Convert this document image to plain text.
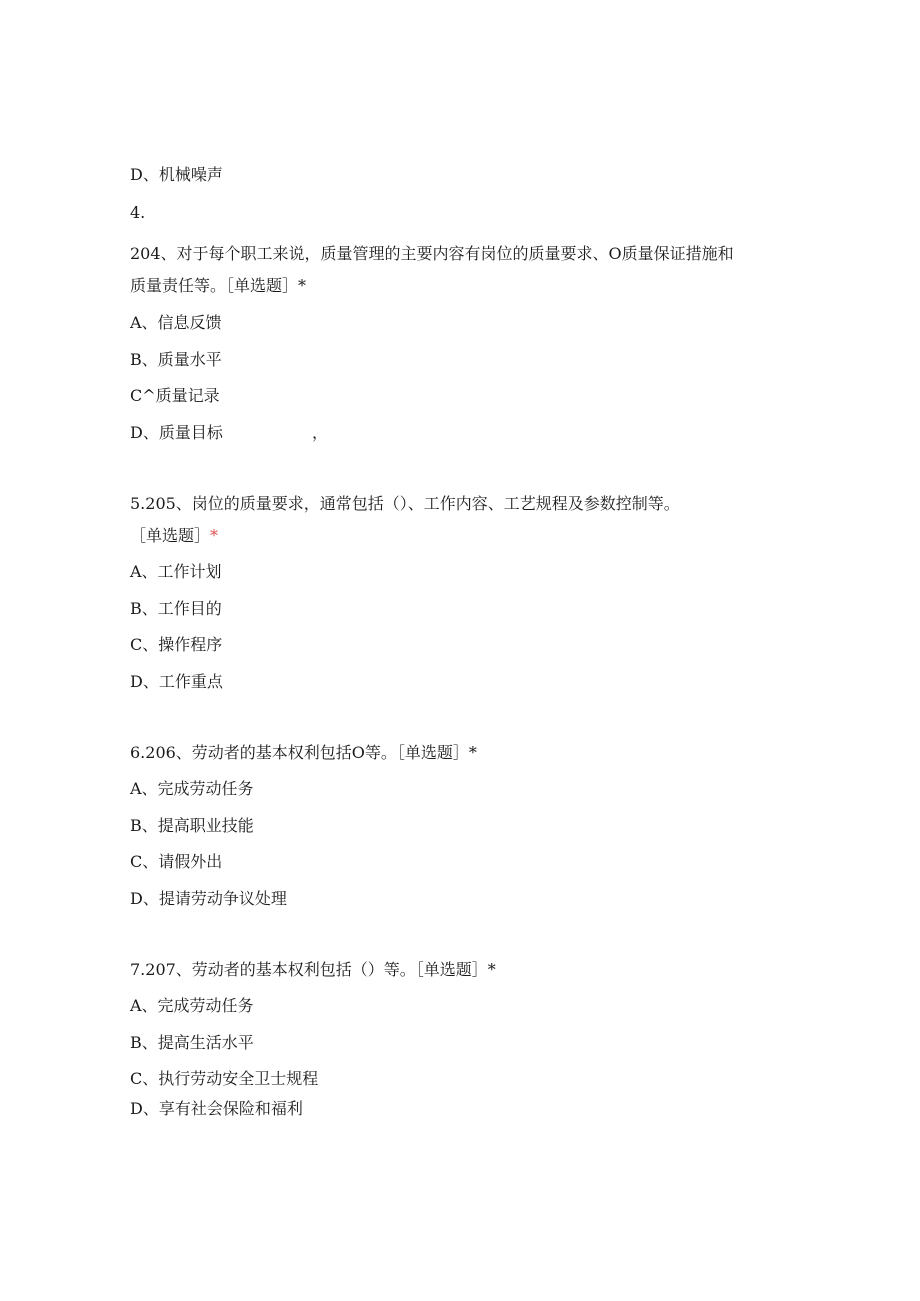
D、机械噪声
4.
204、对于每个职工来说，质量管理的主要内容有岗位的质量要求、O质量保证措施和
质量责任等。［单选题］*
A、信息反馈
B、质量水平
C^质量记录
D、质量目标	，
5.205、岗位的质量要求，通常包括（）、工作内容、工艺规程及参数控制等。
［单选题］*
A、工作计划
B、工作目的
C、操作程序
D、工作重点
6.206、劳动者的基本权利包括O等。［单选题］*
A、完成劳动任务
B、提高职业技能
C、请假外出
D、提请劳动争议处理
7.207、劳动者的基本权利包括（）等。［单选题］*
A、完成劳动任务
B、提高生活水平
C、执行劳动安全卫士规程
D、享有社会保险和福利
